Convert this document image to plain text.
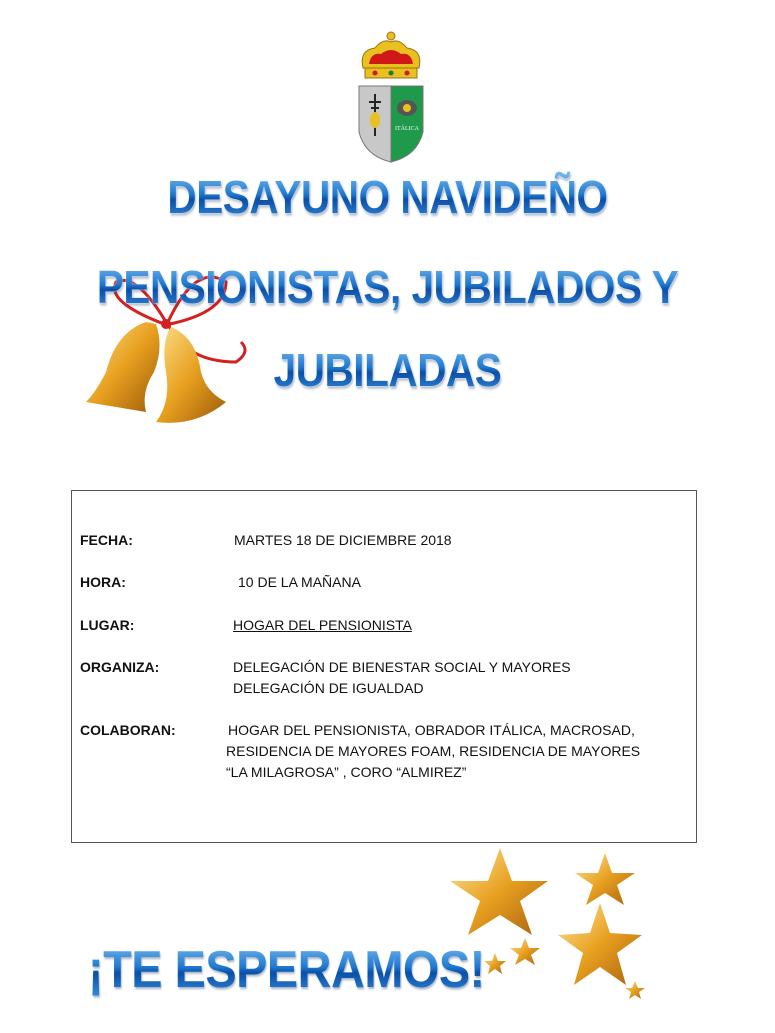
ITÁLICA
DESAYUNO NAVIDEÑO
PENSIONISTAS, JUBILADOS Y
JUBILADAS
FECHA:	MARTES 18 DE DICIEMBRE 2018
HORA:	10 DE LA MAÑANA
LUGAR:	HOGAR DEL PENSIONISTA
ORGANIZA:	DELEGACIÓN DE BIENESTAR SOCIAL Y MAYORES
DELEGACIÓN DE IGUALDAD
COLABORAN:	HOGAR DEL PENSIONISTA, OBRADOR ITÁLICA, MACROSAD,
RESIDENCIA DE MAYORES FOAM, RESIDENCIA DE MAYORES
“LA MILAGROSA” , CORO “ALMIREZ”
¡TE ESPERAMOS!
